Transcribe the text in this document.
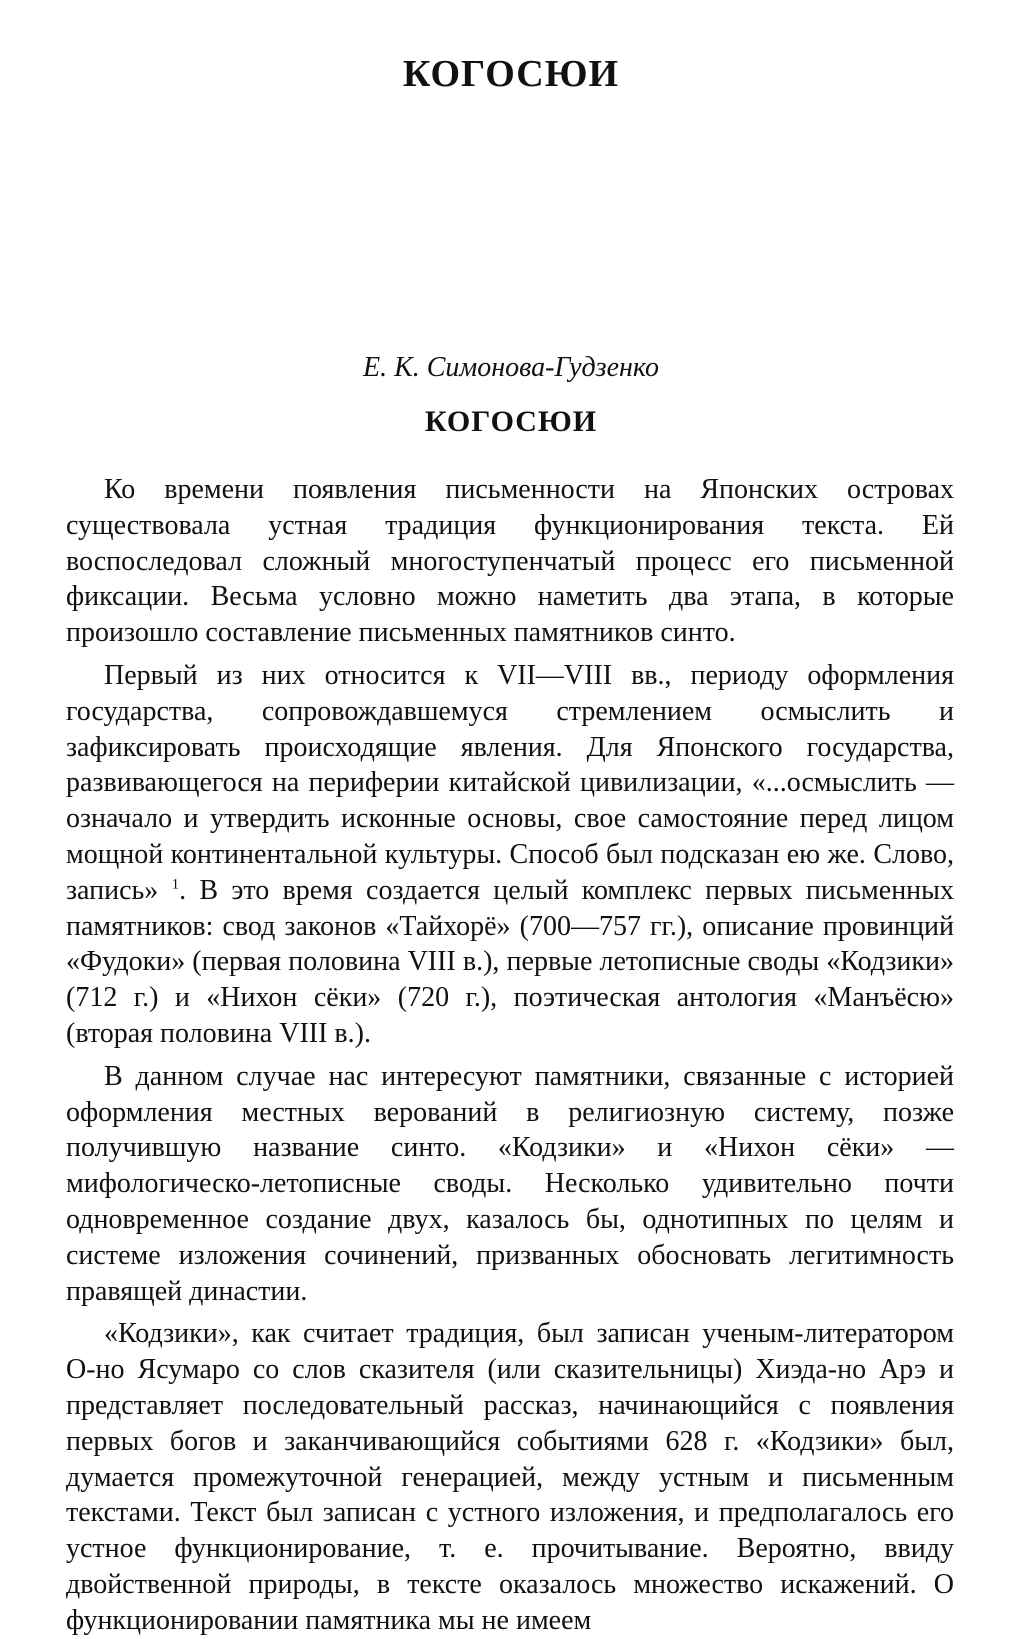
КОГОСЮИ

Е. К. Симонова-Гудзенко

КОГОСЮИ

Ко времени появления письменности на Японских островах существовала устная традиция функционирования текста. Ей воспоследовал сложный многоступенчатый процесс его письменной фиксации. Весьма условно можно наметить два этапа, в которые произошло составление письменных памятников синто.

Первый из них относится к VII—VIII вв., периоду оформления государства, сопровождавшемуся стремлением осмыслить и зафиксировать происходящие явления. Для Японского государства, развивающегося на периферии китайской цивилизации, «...осмыслить — означало и утвердить исконные основы, свое самостояние перед лицом мощной континентальной культуры. Способ был подсказан ею же. Слово, запись» $^1$. В это время создается целый комплекс первых письменных памятников: свод законов «Тайхорё» (700—757 гг.), описание провинций «Фудоки» (первая половина VIII в.), первые летописные своды «Кодзики» (712 г.) и «Нихон сёки» (720 г.), поэтическая антология «Манъёсю» (вторая половина VIII в.).

В данном случае нас интересуют памятники, связанные с историей оформления местных верований в религиозную систему, позже получившую название синто. «Кодзики» и «Нихон сёки» — мифологическо-летописные своды. Несколько удивительно почти одновременное создание двух, казалось бы, однотипных по целям и системе изложения сочинений, призванных обосновать легитимность правящей династии.

«Кодзики», как считает традиция, был записан ученым-литератором О-но Ясумаро со слов сказителя (или сказительницы) Хиэда-но Арэ и представляет последовательный рассказ, начинающийся с появления первых богов и заканчивающийся событиями 628 г. «Кодзики» был, думается промежуточной генерацией, между устным и письменным текстами. Текст был записан с устного изложения, и предполагалось его устное функционирование, т. е. прочитывание. Вероятно, ввиду двойственной природы, в тексте оказалось множество искажений. О функционировании памятника мы не имеем
